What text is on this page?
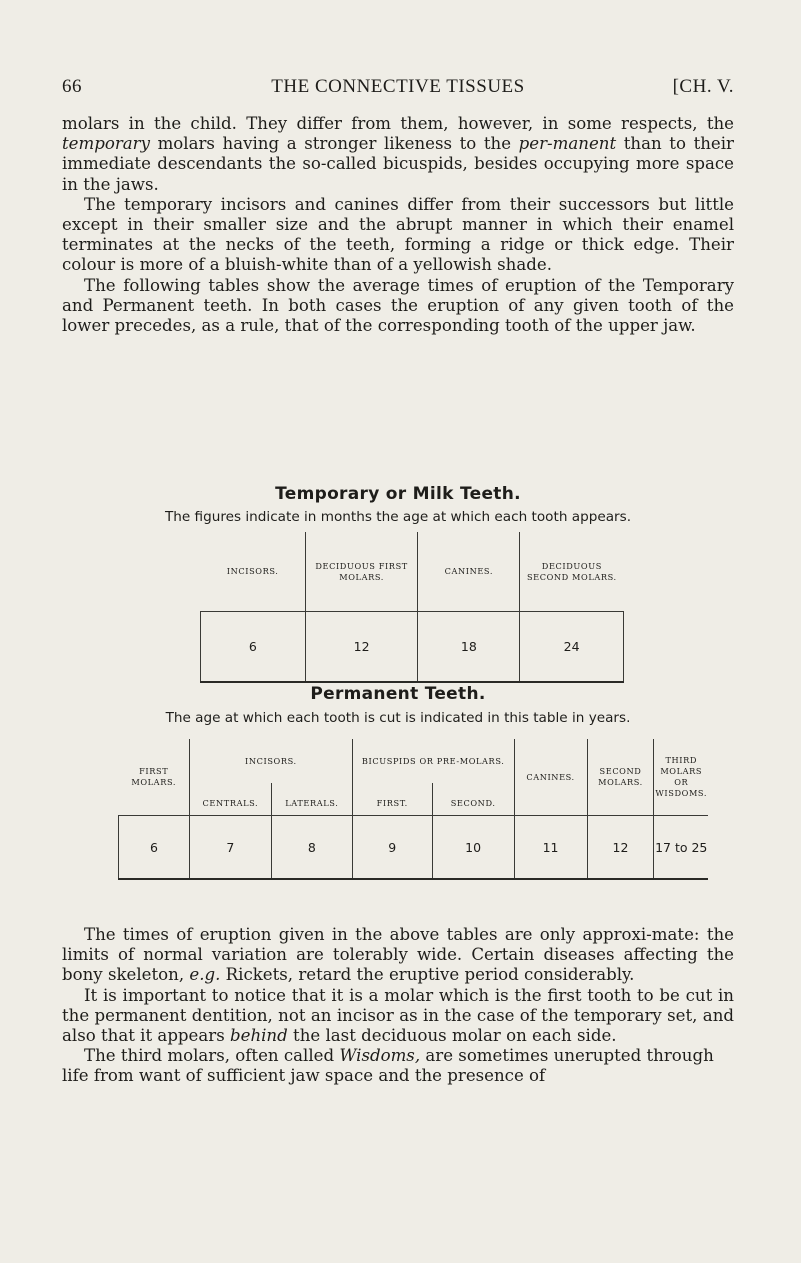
66	THE CONNECTIVE TISSUES	[CH. V.

molars in the child. They differ from them, however, in some respects, the temporary molars having a stronger likeness to the per-manent than to their immediate descendants the so-called bicuspids, besides occupying more space in the jaws.

The temporary incisors and canines differ from their successors but little except in their smaller size and the abrupt manner in which their enamel terminates at the necks of the teeth, forming a ridge or thick edge. Their colour is more of a bluish-white than of a yellowish shade.

The following tables show the average times of eruption of the Temporary and Permanent teeth. In both cases the eruption of any given tooth of the lower precedes, as a rule, that of the corresponding tooth of the upper jaw.

Temporary or Milk Teeth.
The figures indicate in months the age at which each tooth appears.
INCISORS.	DECIDUOUS FIRST MOLARS.	CANINES.	DECIDUOUS SECOND MOLARS.
6	12	18	24
Permanent Teeth.
The age at which each tooth is cut is indicated in this table in years.
FIRST MOLARS.	INCISORS.		BICUSPIDS OR PRE-MOLARS.		CANINES.	SECOND MOLARS.	THIRD MOLARS OR WISDOMS.
	CENTRALS.	LATERALS.	FIRST.	SECOND.			
6	7	8	9	10	11	12	17 to 25

The times of eruption given in the above tables are only approxi-mate: the limits of normal variation are tolerably wide. Certain diseases affecting the bony skeleton, e.g. Rickets, retard the eruptive period considerably.

It is important to notice that it is a molar which is the first tooth to be cut in the permanent dentition, not an incisor as in the case of the temporary set, and also that it appears behind the last deciduous molar on each side.

The third molars, often called Wisdoms, are sometimes unerupted through life from want of sufficient jaw space and the presence of
